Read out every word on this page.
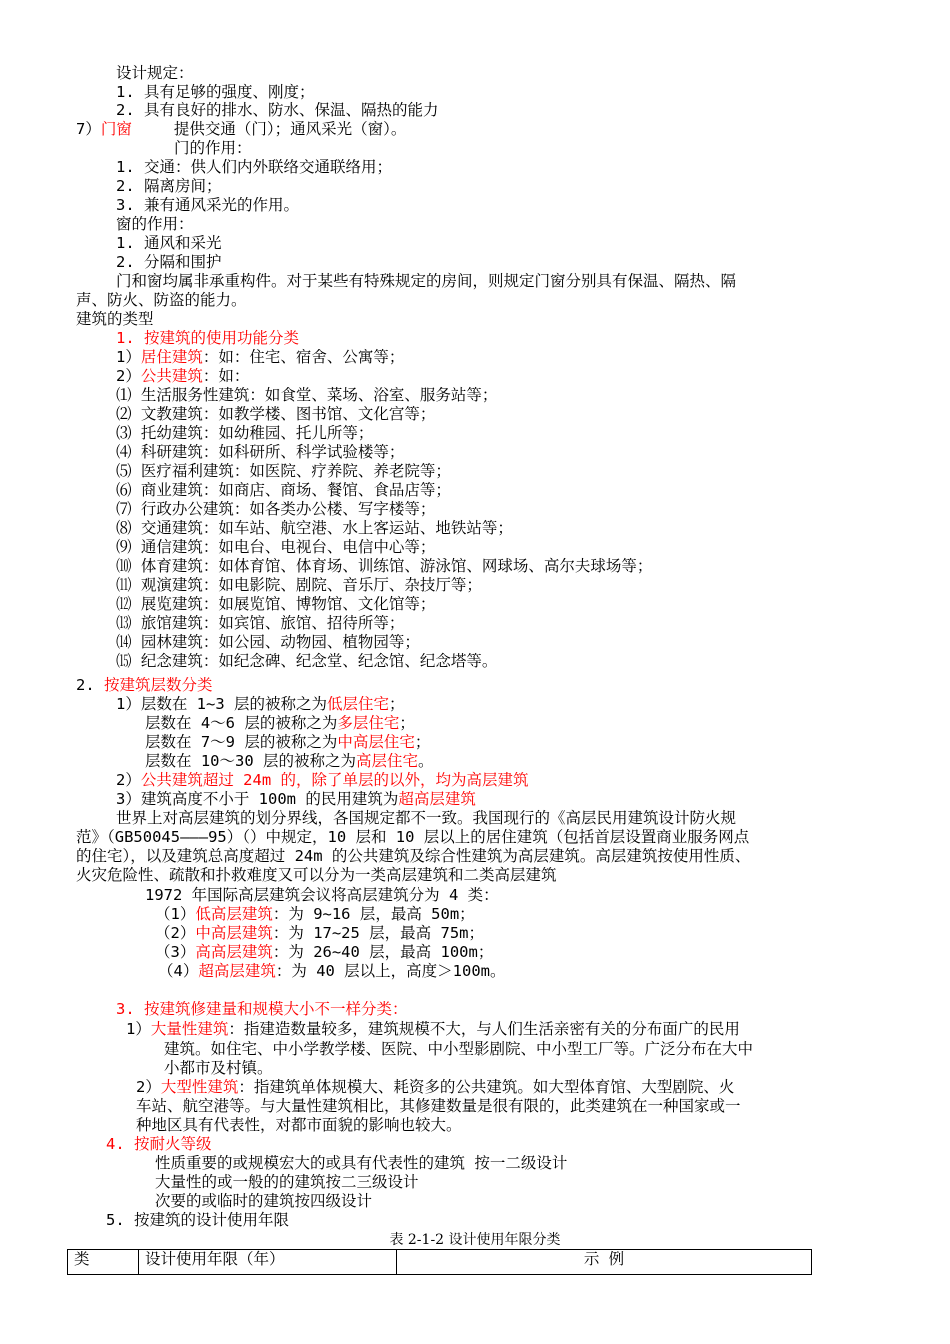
设计规定：
1. 具有足够的强度、刚度；
2. 具有良好的排水、防水、保温、隔热的能力
7）门窗	提供交通（门）；通风采光（窗）。
门的作用：
1. 交通：供人们内外联络交通联络用；
2. 隔离房间；
3. 兼有通风采光的作用。
窗的作用：
1. 通风和采光
2. 分隔和围护
门和窗均属非承重构件。对于某些有特殊规定的房间，则规定门窗分别具有保温、隔热、隔
声、防火、防盗的能力。
建筑的类型
1. 按建筑的使用功能分类
1）居住建筑：如：住宅、宿舍、公寓等；
2）公共建筑：如：
⑴ 生活服务性建筑：如食堂、菜场、浴室、服务站等；
⑵ 文教建筑：如教学楼、图书馆、文化宫等；
⑶ 托幼建筑：如幼稚园、托儿所等；
⑷ 科研建筑：如科研所、科学试验楼等；
⑸ 医疗福利建筑：如医院、疗养院、养老院等；
⑹ 商业建筑：如商店、商场、餐馆、食品店等；
⑺ 行政办公建筑：如各类办公楼、写字楼等；
⑻ 交通建筑：如车站、航空港、水上客运站、地铁站等；
⑼ 通信建筑：如电台、电视台、电信中心等；
⑽ 体育建筑：如体育馆、体育场、训练馆、游泳馆、网球场、高尔夫球场等；
⑾ 观演建筑：如电影院、剧院、音乐厅、杂技厅等；
⑿ 展览建筑：如展览馆、博物馆、文化馆等；
⒀ 旅馆建筑：如宾馆、旅馆、招待所等；
⒁ 园林建筑：如公园、动物园、植物园等；
⒂ 纪念建筑：如纪念碑、纪念堂、纪念馆、纪念塔等。
2. 按建筑层数分类
1）层数在 1~3 层的被称之为低层住宅；
层数在 4～6 层的被称之为多层住宅；
层数在 7～9 层的被称之为中高层住宅；
层数在 10～30 层的被称之为高层住宅。
2）公共建筑超过 24m 的，除了单层的以外，均为高层建筑
3）建筑高度不小于 100m 的民用建筑为超高层建筑
世界上对高层建筑的划分界线，各国规定都不一致。我国现行的《高层民用建筑设计防火规
范》（GB50045———95）（）中规定，10 层和 10 层以上的居住建筑（包括首层设置商业服务网点
的住宅），以及建筑总高度超过 24m 的公共建筑及综合性建筑为高层建筑。高层建筑按使用性质、
火灾危险性、疏散和扑救难度又可以分为一类高层建筑和二类高层建筑
1972 年国际高层建筑会议将高层建筑分为 4 类：
（1）低高层建筑：为 9~16 层，最高 50m；
（2）中高层建筑：为 17~25 层，最高 75m；
（3）高高层建筑：为 26~40 层，最高 100m；
（4）超高层建筑：为 40 层以上，高度＞100m。
3. 按建筑修建量和规模大小不一样分类：
1）大量性建筑：指建造数量较多，建筑规模不大，与人们生活亲密有关的分布面广的民用
建筑。如住宅、中小学教学楼、医院、中小型影剧院、中小型工厂等。广泛分布在大中
小都市及村镇。
2）大型性建筑：指建筑单体规模大、耗资多的公共建筑。如大型体育馆、大型剧院、火
车站、航空港等。与大量性建筑相比，其修建数量是很有限的，此类建筑在一种国家或一
种地区具有代表性，对都市面貌的影响也较大。
4. 按耐火等级
性质重要的或规模宏大的或具有代表性的建筑 按一二级设计
大量性的或一般的的建筑按二三级设计
次要的或临时的建筑按四级设计
5. 按建筑的设计使用年限
表 2-1-2 设计使用年限分类
类	设计使用年限（年）	示 例
